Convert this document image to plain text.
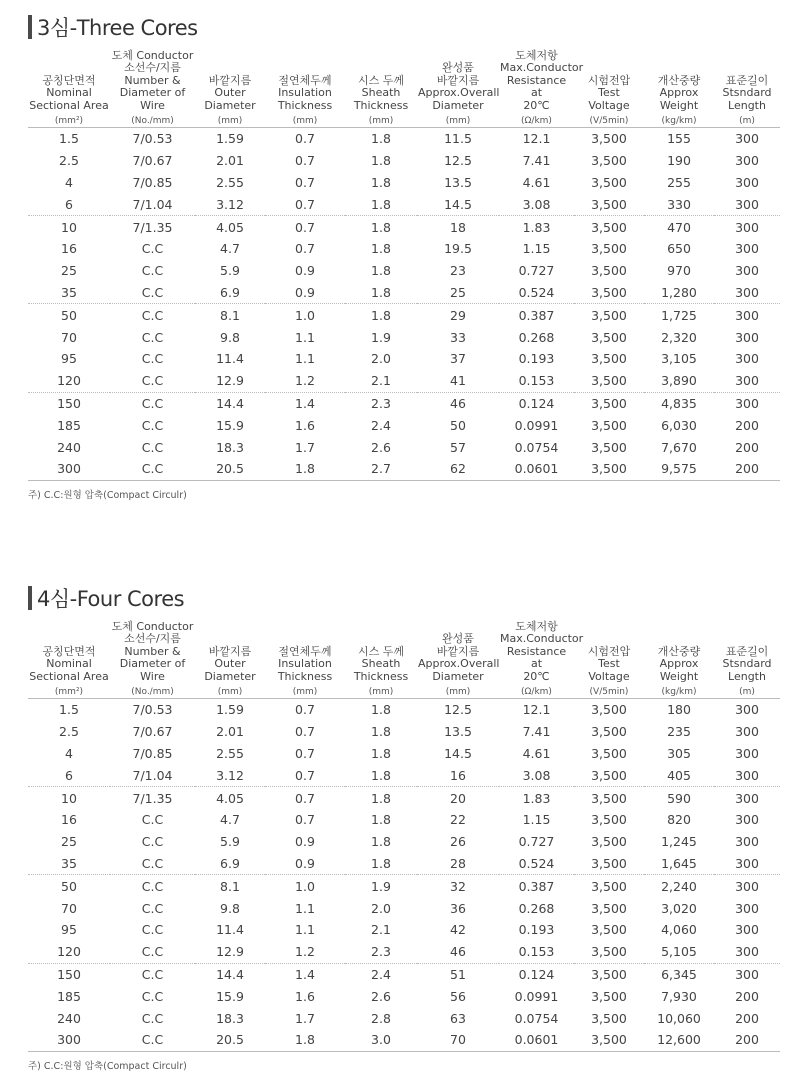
3심-Three Cores
공칭단면적
Nominal
Sectional Area	도체 Conductor
소선수/지름
Number &
Diameter of Wire	바깥지름
Outer
Diameter	절연체두께
Insulation
Thickness	시스 두께
Sheath
Thickness	완성품
바깥지름
Approx.Overall
Diameter	도체저항
Max.Conductor
Resistance at
20℃	시험전압
Test
Voltage	개산중량
Approx
Weight	표준길이
Stsndard
Length

(mm²)	(No./mm)	(mm)	(mm)	(mm)	(mm)	(Ω/km)	(V/5min)	(kg/km)	(m)
1.5	7/0.53	1.59	0.7	1.8	11.5	12.1	3,500	155	300
2.5	7/0.67	2.01	0.7	1.8	12.5	7.41	3,500	190	300
4	7/0.85	2.55	0.7	1.8	13.5	4.61	3,500	255	300
6	7/1.04	3.12	0.7	1.8	14.5	3.08	3,500	330	300
10	7/1.35	4.05	0.7	1.8	18	1.83	3,500	470	300
16	C.C	4.7	0.7	1.8	19.5	1.15	3,500	650	300
25	C.C	5.9	0.9	1.8	23	0.727	3,500	970	300
35	C.C	6.9	0.9	1.8	25	0.524	3,500	1,280	300
50	C.C	8.1	1.0	1.8	29	0.387	3,500	1,725	300
70	C.C	9.8	1.1	1.9	33	0.268	3,500	2,320	300
95	C.C	11.4	1.1	2.0	37	0.193	3,500	3,105	300
120	C.C	12.9	1.2	2.1	41	0.153	3,500	3,890	300
150	C.C	14.4	1.4	2.3	46	0.124	3,500	4,835	300
185	C.C	15.9	1.6	2.4	50	0.0991	3,500	6,030	200
240	C.C	18.3	1.7	2.6	57	0.0754	3,500	7,670	200
300	C.C	20.5	1.8	2.7	62	0.0601	3,500	9,575	200
주) C.C:원형 압축(Compact Circulr)
4심-Four Cores
공칭단면적
Nominal
Sectional Area	도체 Conductor
소선수/지름
Number &
Diameter of Wire	바깥지름
Outer
Diameter	절연체두께
Insulation
Thickness	시스 두께
Sheath
Thickness	완성품
바깥지름
Approx.Overall
Diameter	도체저항
Max.Conductor
Resistance at
20℃	시험전압
Test
Voltage	개산중량
Approx
Weight	표준길이
Stsndard
Length

(mm²)	(No./mm)	(mm)	(mm)	(mm)	(mm)	(Ω/km)	(V/5min)	(kg/km)	(m)
1.5	7/0.53	1.59	0.7	1.8	12.5	12.1	3,500	180	300
2.5	7/0.67	2.01	0.7	1.8	13.5	7.41	3,500	235	300
4	7/0.85	2.55	0.7	1.8	14.5	4.61	3,500	305	300
6	7/1.04	3.12	0.7	1.8	16	3.08	3,500	405	300
10	7/1.35	4.05	0.7	1.8	20	1.83	3,500	590	300
16	C.C	4.7	0.7	1.8	22	1.15	3,500	820	300
25	C.C	5.9	0.9	1.8	26	0.727	3,500	1,245	300
35	C.C	6.9	0.9	1.8	28	0.524	3,500	1,645	300
50	C.C	8.1	1.0	1.9	32	0.387	3,500	2,240	300
70	C.C	9.8	1.1	2.0	36	0.268	3,500	3,020	300
95	C.C	11.4	1.1	2.1	42	0.193	3,500	4,060	300
120	C.C	12.9	1.2	2.3	46	0.153	3,500	5,105	300
150	C.C	14.4	1.4	2.4	51	0.124	3,500	6,345	300
185	C.C	15.9	1.6	2.6	56	0.0991	3,500	7,930	200
240	C.C	18.3	1.7	2.8	63	0.0754	3,500	10,060	200
300	C.C	20.5	1.8	3.0	70	0.0601	3,500	12,600	200
주) C.C:원형 압축(Compact Circulr)
